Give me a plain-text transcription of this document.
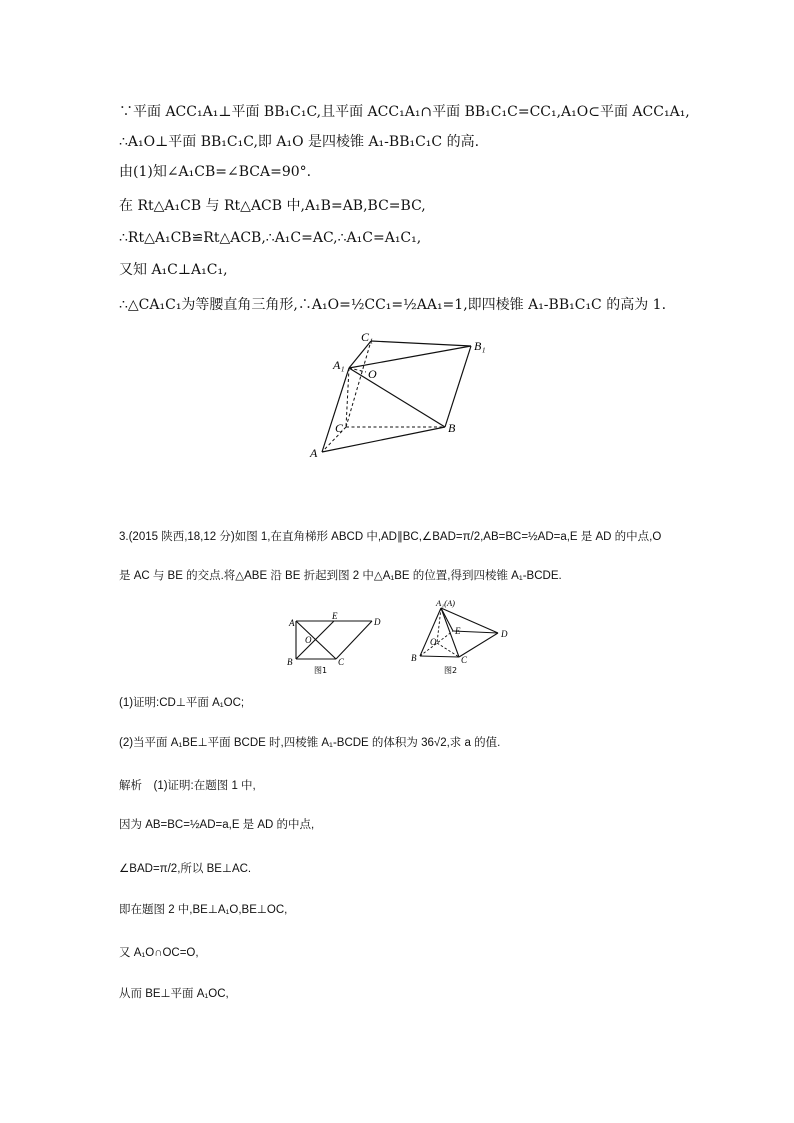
∵平面 ACC₁A₁⊥平面 BB₁C₁C,且平面 ACC₁A₁∩平面 BB₁C₁C=CC₁,A₁O⊂平面 ACC₁A₁,
∴A₁O⊥平面 BB₁C₁C,即 A₁O 是四棱锥 A₁-BB₁C₁C 的高.
由(1)知∠A₁CB=∠BCA=90°.
在 Rt△A₁CB 与 Rt△ACB 中,A₁B=AB,BC=BC,
∴Rt△A₁CB≌Rt△ACB,∴A₁C=AC,∴A₁C=A₁C₁,
又知 A₁C⊥A₁C₁,
∴△CA₁C₁为等腰直角三角形,∴A₁O=½CC₁=½AA₁=1,即四棱锥 A₁-BB₁C₁C 的高为 1.
C₁
B₁
A₁
O
C	B
A
3.(2015 陕西,18,12 分)如图 1,在直角梯形 ABCD 中,AD∥BC,∠BAD=π/2,AB=BC=½AD=a,E 是 AD 的中点,O
是 AC 与 BE 的交点.将△ABE 沿 BE 折起到图 2 中△A₁BE 的位置,得到四棱锥 A₁-BCDE.
A
E
D
O
B	C
图1
A₁(A)
E	D
O
B	C
图2
(1)证明:CD⊥平面 A₁OC;
(2)当平面 A₁BE⊥平面 BCDE 时,四棱锥 A₁-BCDE 的体积为 36√2,求 a 的值.
解析　(1)证明:在题图 1 中,
因为 AB=BC=½AD=a,E 是 AD 的中点,
∠BAD=π/2,所以 BE⊥AC.
即在题图 2 中,BE⊥A₁O,BE⊥OC,
又 A₁O∩OC=O,
从而 BE⊥平面 A₁OC,
